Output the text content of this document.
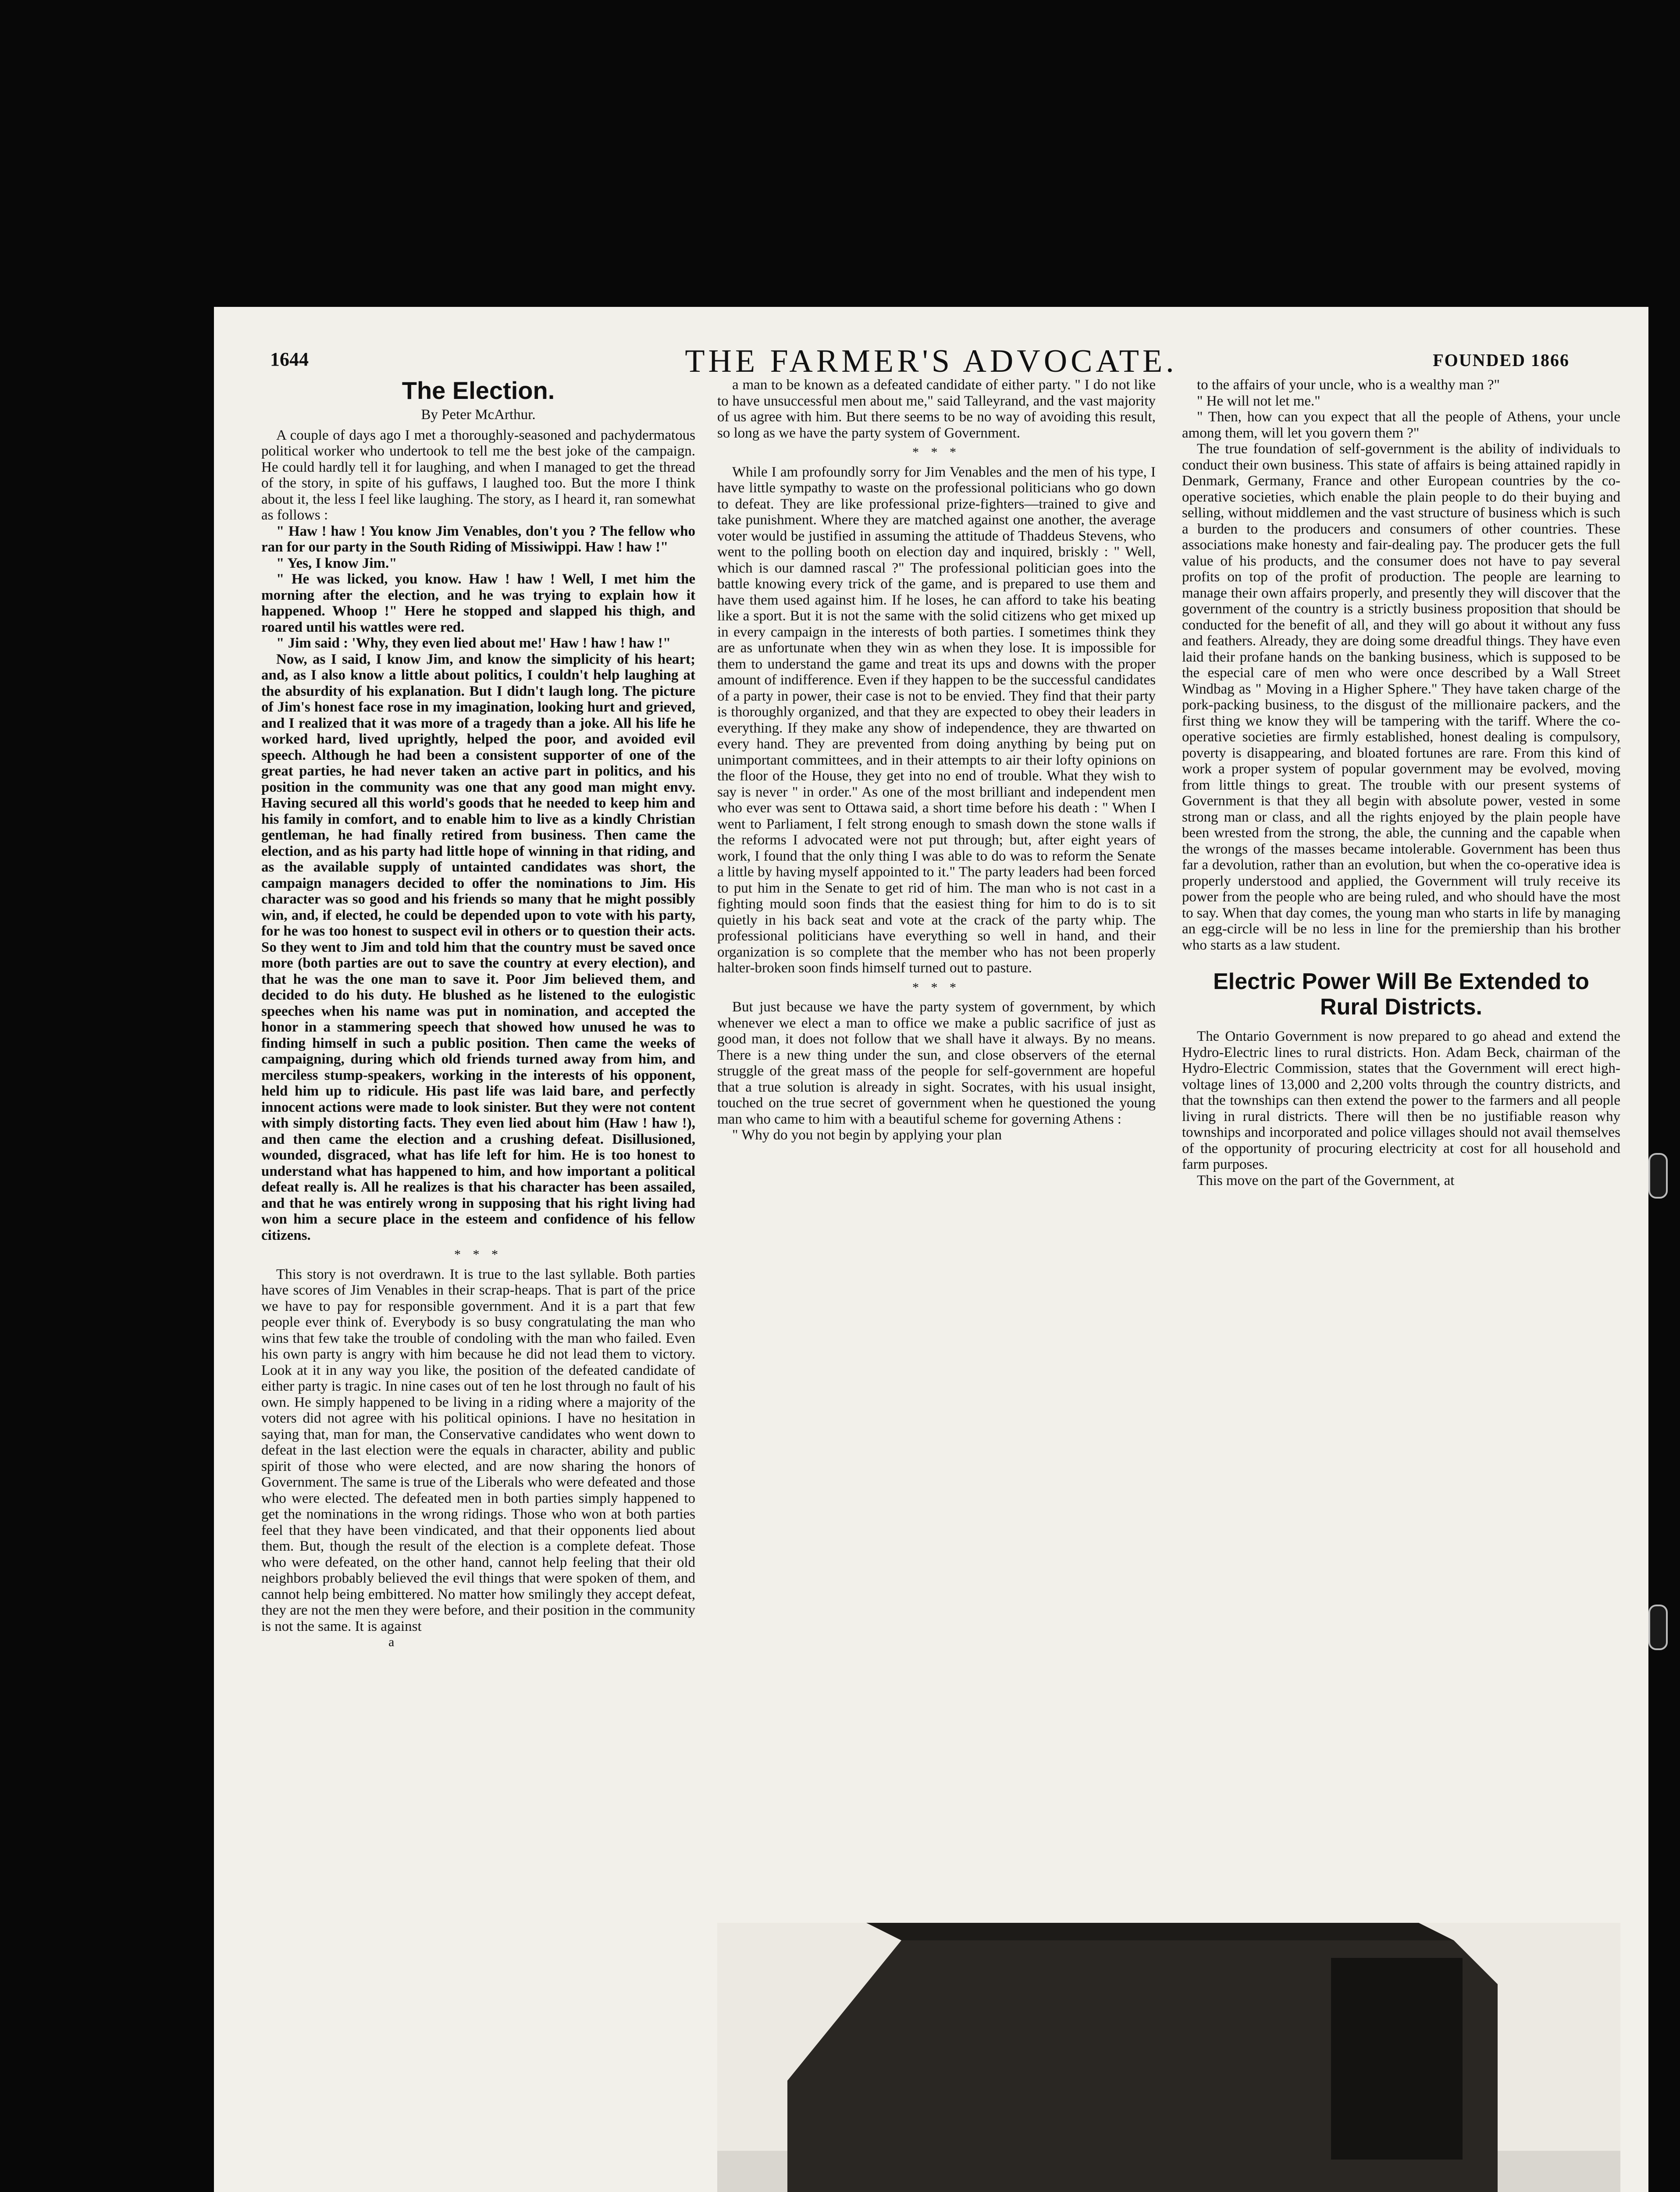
1644	THE FARMER'S ADVOCATE.	FOUNDED 1866
The Election.
By Peter McArthur.

A couple of days ago I met a thoroughly-seasoned and pachydermatous political worker who undertook to tell me the best joke of the campaign. He could hardly tell it for laughing, and when I managed to get the thread of the story, in spite of his guffaws, I laughed too. But the more I think about it, the less I feel like laughing. The story, as I heard it, ran somewhat as follows :

" Haw ! haw ! You know Jim Venables, don't you ? The fellow who ran for our party in the South Riding of Missiwippi. Haw ! haw !"

" Yes, I know Jim."

" He was licked, you know. Haw ! haw ! Well, I met him the morning after the election, and he was trying to explain how it happened. Whoop !" Here he stopped and slapped his thigh, and roared until his wattles were red.

" Jim said : 'Why, they even lied about me!' Haw ! haw ! haw !"

Now, as I said, I know Jim, and know the simplicity of his heart; and, as I also know a little about politics, I couldn't help laughing at the absurdity of his explanation. But I didn't laugh long. The picture of Jim's honest face rose in my imagination, looking hurt and grieved, and I realized that it was more of a tragedy than a joke. All his life he worked hard, lived uprightly, helped the poor, and avoided evil speech. Although he had been a consistent supporter of one of the great parties, he had never taken an active part in politics, and his position in the community was one that any good man might envy. Having secured all this world's goods that he needed to keep him and his family in comfort, and to enable him to live as a kindly Christian gentleman, he had finally retired from business. Then came the election, and as his party had little hope of winning in that riding, and as the available supply of untainted candidates was short, the campaign managers decided to offer the nominations to Jim. His character was so good and his friends so many that he might possibly win, and, if elected, he could be depended upon to vote with his party, for he was too honest to suspect evil in others or to question their acts. So they went to Jim and told him that the country must be saved once more (both parties are out to save the country at every election), and that he was the one man to save it. Poor Jim believed them, and decided to do his duty. He blushed as he listened to the eulogistic speeches when his name was put in nomination, and accepted the honor in a stammering speech that showed how unused he was to finding himself in such a public position. Then came the weeks of campaigning, during which old friends turned away from him, and merciless stump-speakers, working in the interests of his opponent, held him up to ridicule. His past life was laid bare, and perfectly innocent actions were made to look sinister. But they were not content with simply distorting facts. They even lied about him (Haw ! haw !), and then came the election and a crushing defeat. Disillusioned, wounded, disgraced, what has life left for him. He is too honest to understand what has happened to him, and how important a political defeat really is. All he realizes is that his character has been assailed, and that he was entirely wrong in supposing that his right living had won him a secure place in the esteem and confidence of his fellow citizens.

* * *

This story is not overdrawn. It is true to the last syllable. Both parties have scores of Jim Venables in their scrap-heaps. That is part of the price we have to pay for responsible government. And it is a part that few people ever think of. Everybody is so busy congratulating the man who wins that few take the trouble of condoling with the man who failed. Even his own party is angry with him because he did not lead them to victory. Look at it in any way you like, the position of the defeated candidate of either party is tragic. In nine cases out of ten he lost through no fault of his own. He simply happened to be living in a riding where a majority of the voters did not agree with his political opinions. I have no hesitation in saying that, man for man, the Conservative candidates who went down to defeat in the last election were the equals in character, ability and public spirit of those who were elected, and are now sharing the honors of Government. The same is true of the Liberals who were defeated and those who were elected. The defeated men in both parties simply happened to get the nominations in the wrong ridings. Those who won at both parties feel that they have been vindicated, and that their opponents lied about them. But, though the result of the election is a complete defeat. Those who were defeated, on the other hand, cannot help feeling that their old neighbors probably believed the evil things that were spoken of them, and cannot help being embittered. No matter how smilingly they accept defeat, they are not the men they were before, and their position in the community is not the same. It is against

a

a man to be known as a defeated candidate of either party. " I do not like to have unsuccessful men about me," said Talleyrand, and the vast majority of us agree with him. But there seems to be no way of avoiding this result, so long as we have the party system of Government.

* * *

While I am profoundly sorry for Jim Venables and the men of his type, I have little sympathy to waste on the professional politicians who go down to defeat. They are like professional prize-fighters—trained to give and take punishment. Where they are matched against one another, the average voter would be justified in assuming the attitude of Thaddeus Stevens, who went to the polling booth on election day and inquired, briskly : " Well, which is our damned rascal ?" The professional politician goes into the battle knowing every trick of the game, and is prepared to use them and have them used against him. If he loses, he can afford to take his beating like a sport. But it is not the same with the solid citizens who get mixed up in every campaign in the interests of both parties. I sometimes think they are as unfortunate when they win as when they lose. It is impossible for them to understand the game and treat its ups and downs with the proper amount of indifference. Even if they happen to be the successful candidates of a party in power, their case is not to be envied. They find that their party is thoroughly organized, and that they are expected to obey their leaders in everything. If they make any show of independence, they are thwarted on every hand. They are prevented from doing anything by being put on unimportant committees, and in their attempts to air their lofty opinions on the floor of the House, they get into no end of trouble. What they wish to say is never " in order." As one of the most brilliant and independent men who ever was sent to Ottawa said, a short time before his death : " When I went to Parliament, I felt strong enough to smash down the stone walls if the reforms I advocated were not put through; but, after eight years of work, I found that the only thing I was able to do was to reform the Senate a little by having myself appointed to it." The party leaders had been forced to put him in the Senate to get rid of him. The man who is not cast in a fighting mould soon finds that the easiest thing for him to do is to sit quietly in his back seat and vote at the crack of the party whip. The professional politicians have everything so well in hand, and their organization is so complete that the member who has not been properly halter-broken soon finds himself turned out to pasture.

* * *

But just because we have the party system of government, by which whenever we elect a man to office we make a public sacrifice of just as good man, it does not follow that we shall have it always. By no means. There is a new thing under the sun, and close observers of the eternal struggle of the great mass of the people for self-government are hopeful that a true solution is already in sight. Socrates, with his usual insight, touched on the true secret of government when he questioned the young man who came to him with a beautiful scheme for governing Athens :

" Why do you not begin by applying your plan

to the affairs of your uncle, who is a wealthy man ?"

" He will not let me."

" Then, how can you expect that all the people of Athens, your uncle among them, will let you govern them ?"

The true foundation of self-government is the ability of individuals to conduct their own business. This state of affairs is being attained rapidly in Denmark, Germany, France and other European countries by the co-operative societies, which enable the plain people to do their buying and selling, without middlemen and the vast structure of business which is such a burden to the producers and consumers of other countries. These associations make honesty and fair-dealing pay. The producer gets the full value of his products, and the consumer does not have to pay several profits on top of the profit of production. The people are learning to manage their own affairs properly, and presently they will discover that the government of the country is a strictly business proposition that should be conducted for the benefit of all, and they will go about it without any fuss and feathers. Already, they are doing some dreadful things. They have even laid their profane hands on the banking business, which is supposed to be the especial care of men who were once described by a Wall Street Windbag as " Moving in a Higher Sphere." They have taken charge of the pork-packing business, to the disgust of the millionaire packers, and the first thing we know they will be tampering with the tariff. Where the co-operative societies are firmly established, honest dealing is compulsory, poverty is disappearing, and bloated fortunes are rare. From this kind of work a proper system of popular government may be evolved, moving from little things to great. The trouble with our present systems of Government is that they all begin with absolute power, vested in some strong man or class, and all the rights enjoyed by the plain people have been wrested from the strong, the able, the cunning and the capable when the wrongs of the masses became intolerable. Government has been thus far a devolution, rather than an evolution, but when the co-operative idea is properly understood and applied, the Government will truly receive its power from the people who are being ruled, and who should have the most to say. When that day comes, the young man who starts in life by managing an egg-circle will be no less in line for the premiership than his brother who starts as a law student.

Electric Power Will Be Extended to Rural Districts.

The Ontario Government is now prepared to go ahead and extend the Hydro-Electric lines to rural districts. Hon. Adam Beck, chairman of the Hydro-Electric Commission, states that the Government will erect high-voltage lines of 13,000 and 2,200 volts through the country districts, and that the townships can then extend the power to the farmers and all people living in rural districts. There will then be no justifiable reason why townships and incorporated and police villages should not avail themselves of the opportunity of procuring electricity at cost for all household and farm purposes.

This move on the part of the Government, at
